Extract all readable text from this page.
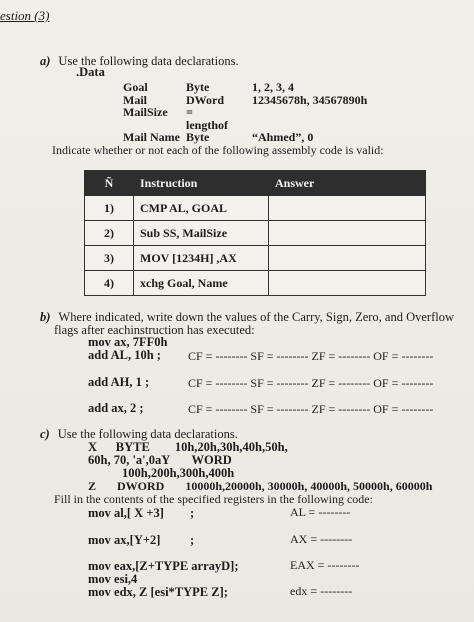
estion (3)
a) Use the following data declarations.
.Data
Goal	Byte	1, 2, 3, 4
Mail	DWord 12345678h, 34567890h
MailSize =
lengthof
Mail Name Byte	“Ahmed”, 0
Indicate whether or not each of the following assembly code is valid:
Ñ	Instruction	Answer
1)	CMP AL, GOAL	
2)	Sub SS, MailSize	
3)	MOV [1234H] ,AX	
4)	xchg Goal, Name	
b) Where indicated, write down the values of the Carry, Sign, Zero, and Overflow
flags after eachinstruction has executed:
mov ax, 7FF0h
add AL, 10h ; CF = -------- SF = -------- ZF = -------- OF = --------
add AH, 1 ;	CF = -------- SF = -------- ZF = -------- OF = --------
add ax, 2 ;	CF = -------- SF = -------- ZF = -------- OF = --------
c) Use the following data declarations.
X      BYTE        10h,20h,30h,40h,50h,
60h, 70, 'a',0aY       WORD
100h,200h,300h,400h
Z       DWORD       10000h,20000h, 30000h, 40000h, 50000h, 60000h
Fill in the contents of the specified registers in the following code:
mov al,[ X +3] ;	AL = --------
mov ax,[Y+2] ;	AX = --------
mov eax,[Z+TYPE arrayD];	EAX = --------
mov esi,4
mov edx, Z [esi*TYPE Z];	edx = --------
